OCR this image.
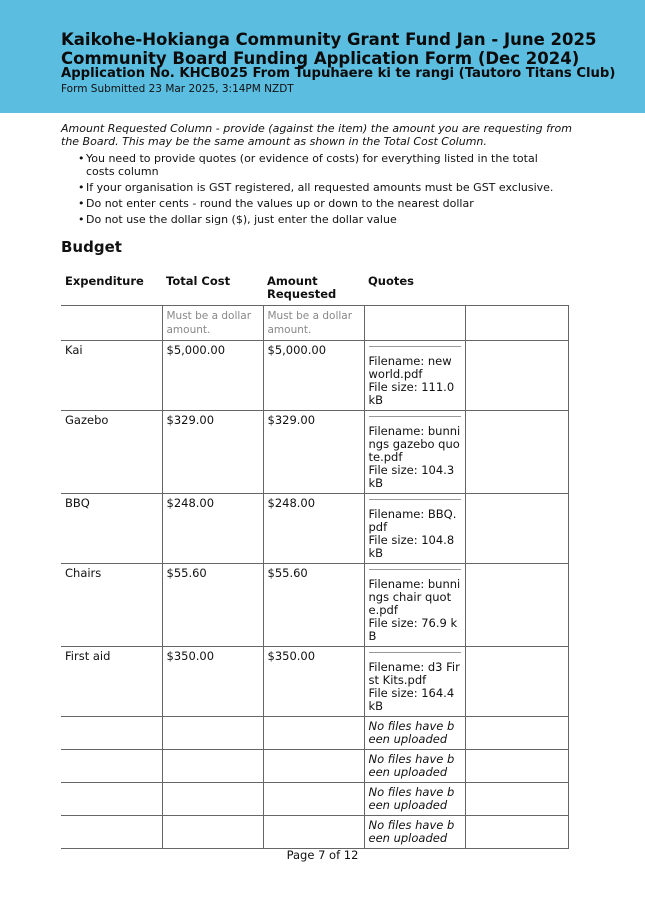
Kaikohe-Hokianga Community Grant Fund Jan - June 2025
Community Board Funding Application Form (Dec 2024)
Application No. KHCB025 From Tupuhaere ki te rangi (Tautoro Titans Club)
Form Submitted 23 Mar 2025, 3:14PM NZDT
Amount Requested Column - provide (against the item) the amount you are requesting from the Board. This may be the same amount as shown in the Total Cost Column.
• You need to provide quotes (or evidence of costs) for everything listed in the total costs column
• If your organisation is GST registered, all requested amounts must be GST exclusive.
• Do not enter cents - round the values up or down to the nearest dollar
• Do not use the dollar sign ($), just enter the dollar value
Budget
Expenditure	Total Cost	Amount Requested	Quotes	
	Must be a dollar amount.	Must be a dollar amount.		
Kai	$5,000.00	$5,000.00	Filename: new world.pdf
File size: 111.0 kB	

Gazebo	$329.00	$329.00	Filename: bunnings gazebo quote.pdf
File size: 104.3 kB	

BBQ	$248.00	$248.00	Filename: BBQ.pdf
File size: 104.8 kB	

Chairs	$55.60	$55.60	Filename: bunnings chair quote.pdf
File size: 76.9 kB	

First aid	$350.00	$350.00	Filename: d3 First Kits.pdf
File size: 164.4 kB	

			No files have been uploaded	
			No files have been uploaded	
			No files have been uploaded	
			No files have been uploaded	
Page 7 of 12
